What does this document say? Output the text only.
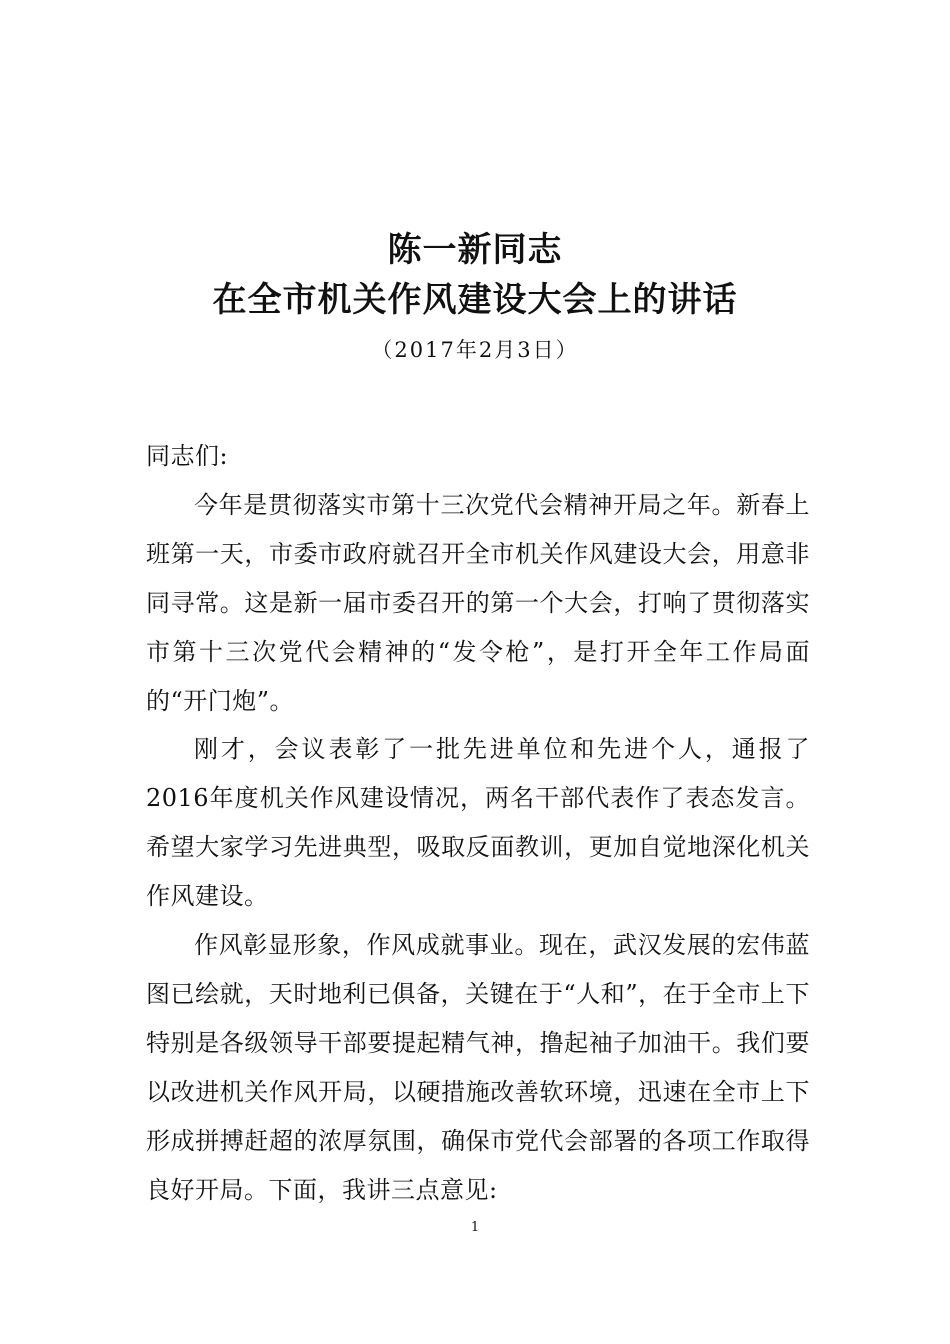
陈一新同志
在全市机关作风建设大会上的讲话
（2017年2月3日）

同志们:

今年是贯彻落实市第十三次党代会精神开局之年。新春上班第一天，市委市政府就召开全市机关作风建设大会，用意非同寻常。这是新一届市委召开的第一个大会，打响了贯彻落实市第十三次党代会精神的“发令枪”，是打开全年工作局面的“开门炮”。

刚才，会议表彰了一批先进单位和先进个人，通报了2016年度机关作风建设情况，两名干部代表作了表态发言。希望大家学习先进典型，吸取反面教训，更加自觉地深化机关作风建设。

作风彰显形象，作风成就事业。现在，武汉发展的宏伟蓝图已绘就，天时地利已俱备，关键在于“人和”，在于全市上下特别是各级领导干部要提起精气神，撸起袖子加油干。我们要以改进机关作风开局，以硬措施改善软环境，迅速在全市上下形成拼搏赶超的浓厚氛围，确保市党代会部署的各项工作取得良好开局。下面，我讲三点意见:

1
